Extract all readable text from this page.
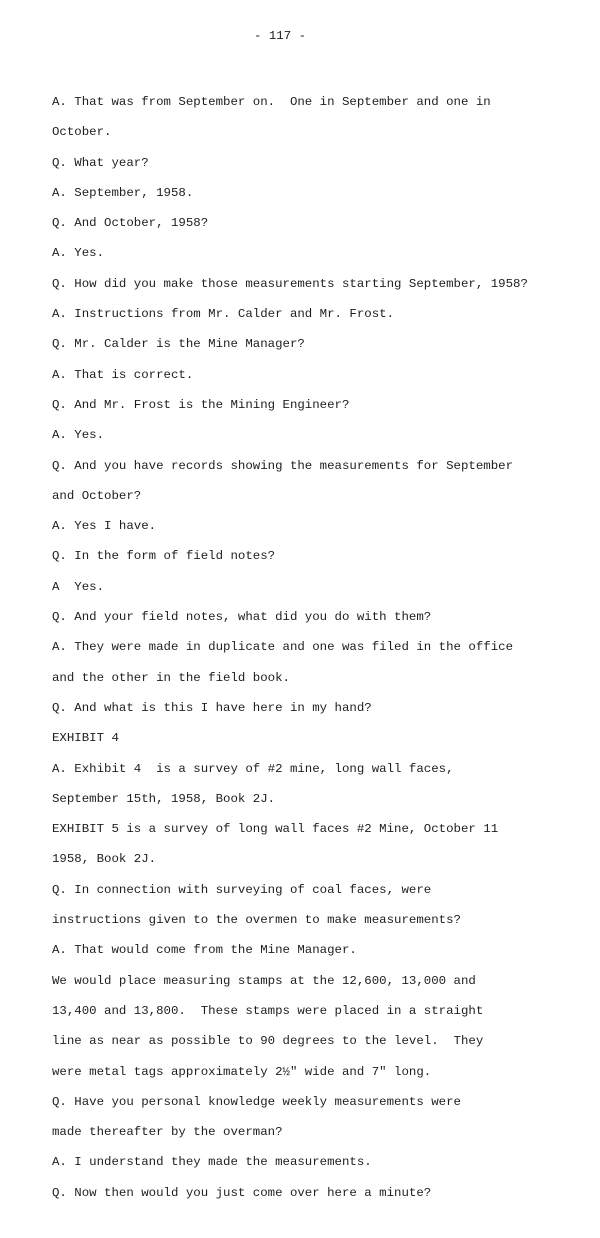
- 117 -
A. That was from September on.  One in September and one in
October.
Q. What year?
A. September, 1958.
Q. And October, 1958?
A. Yes.
Q. How did you make those measurements starting September, 1958?
A. Instructions from Mr. Calder and Mr. Frost.
Q. Mr. Calder is the Mine Manager?
A. That is correct.
Q. And Mr. Frost is the Mining Engineer?
A. Yes.
Q. And you have records showing the measurements for September
and October?
A. Yes I have.
Q. In the form of field notes?
A  Yes.
Q. And your field notes, what did you do with them?
A. They were made in duplicate and one was filed in the office
and the other in the field book.
Q. And what is this I have here in my hand?
EXHIBIT 4
A. Exhibit 4  is a survey of #2 mine, long wall faces,
September 15th, 1958, Book 2J.
EXHIBIT 5 is a survey of long wall faces #2 Mine, October 11
1958, Book 2J.
Q. In connection with surveying of coal faces, were
instructions given to the overmen to make measurements?
A. That would come from the Mine Manager.
We would place measuring stamps at the 12,600, 13,000 and
13,400 and 13,800.  These stamps were placed in a straight
line as near as possible to 90 degrees to the level.  They
were metal tags approximately 2½" wide and 7" long.
Q. Have you personal knowledge weekly measurements were
made thereafter by the overman?
A. I understand they made the measurements.
Q. Now then would you just come over here a minute?
